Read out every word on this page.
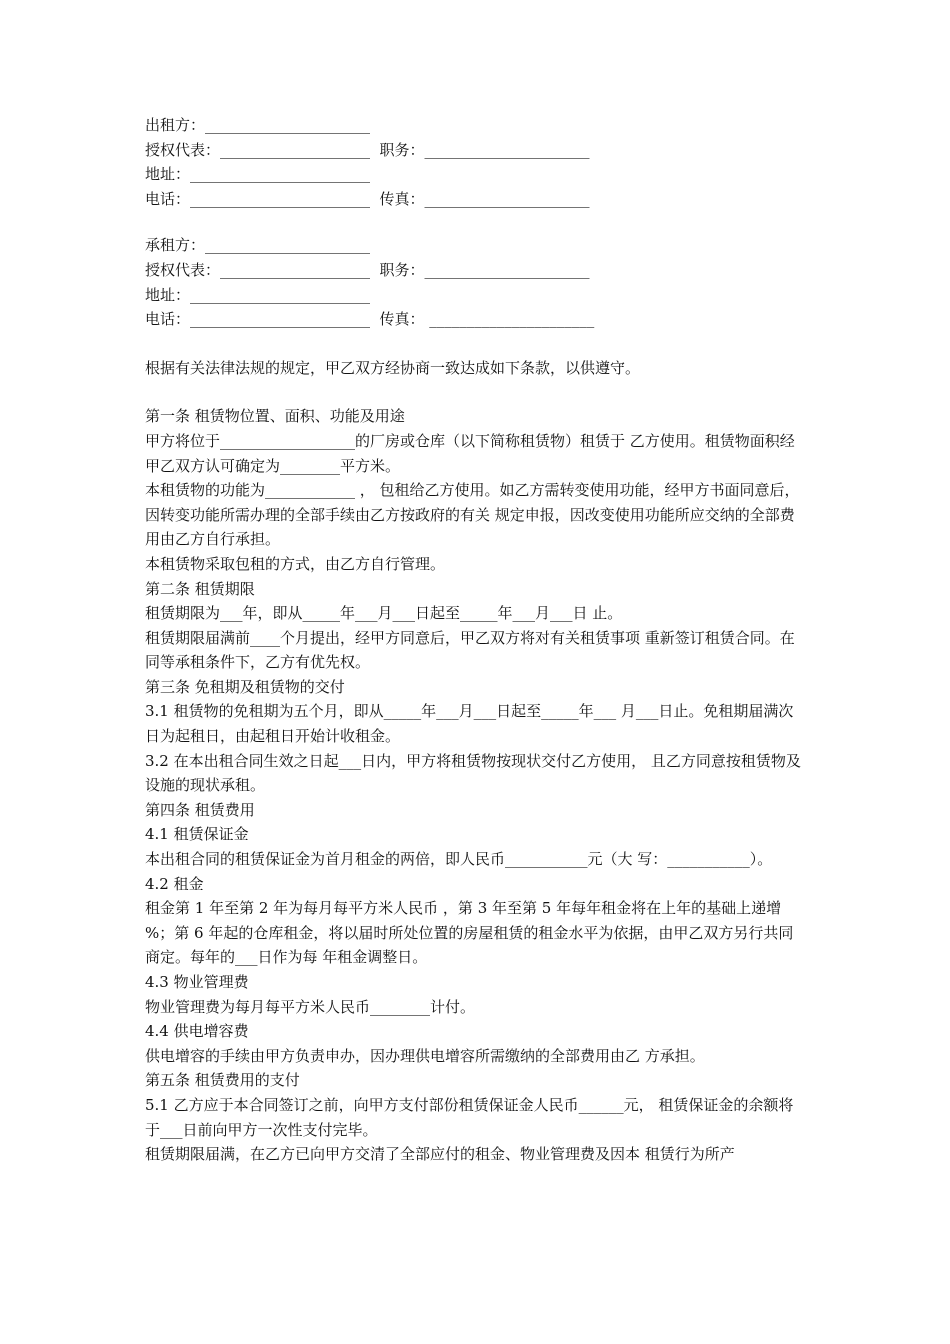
出租方：______________________
授权代表：____________________  职务：______________________
地址：________________________
电话：________________________  传真：______________________
承租方：______________________
授权代表：____________________  职务：______________________
地址：________________________
电话：________________________  传真： ______________________
根据有关法律法规的规定，甲乙双方经协商一致达成如下条款，以供遵守。
第一条 租赁物位置、面积、功能及用途
甲方将位于__________________的厂房或仓库（以下简称租赁物）租赁于 乙方使用。租赁物面积经甲乙双方认可确定为________平方米。
本租赁物的功能为____________ ， 包租给乙方使用。如乙方需转变使用功能，经甲方书面同意后，因转变功能所需办理的全部手续由乙方按政府的有关 规定申报，因改变使用功能所应交纳的全部费用由乙方自行承担。
本租赁物采取包租的方式，由乙方自行管理。
第二条 租赁期限
租赁期限为___年，即从_____年___月___日起至_____年___月___日 止。
租赁期限届满前____个月提出，经甲方同意后，甲乙双方将对有关租赁事项 重新签订租赁合同。在同等承租条件下，乙方有优先权。
第三条 免租期及租赁物的交付
3.1 租赁物的免租期为五个月，即从_____年___月___日起至_____年___ 月___日止。免租期届满次日为起租日，由起租日开始计收租金。
3.2 在本出租合同生效之日起___日内，甲方将租赁物按现状交付乙方使用， 且乙方同意按租赁物及设施的现状承租。
第四条 租赁费用
4.1 租赁保证金
本出租合同的租赁保证金为首月租金的两倍，即人民币___________元（大 写：___________）。
4.2 租金
租金第 1 年至第 2 年为每月每平方米人民币 ，第 3 年至第 5 年每年租金将在上年的基础上递增 %；第 6 年起的仓库租金，将以届时所处位置的房屋租赁的租金水平为依据，由甲乙双方另行共同商定。每年的___日作为每 年租金调整日。
4.3 物业管理费
物业管理费为每月每平方米人民币________计付。
4.4 供电增容费
供电增容的手续由甲方负责申办，因办理供电增容所需缴纳的全部费用由乙 方承担。
第五条 租赁费用的支付
5.1 乙方应于本合同签订之前，向甲方支付部份租赁保证金人民币______元， 租赁保证金的余额将于___日前向甲方一次性支付完毕。
租赁期限届满，在乙方已向甲方交清了全部应付的租金、物业管理费及因本 租赁行为所产
